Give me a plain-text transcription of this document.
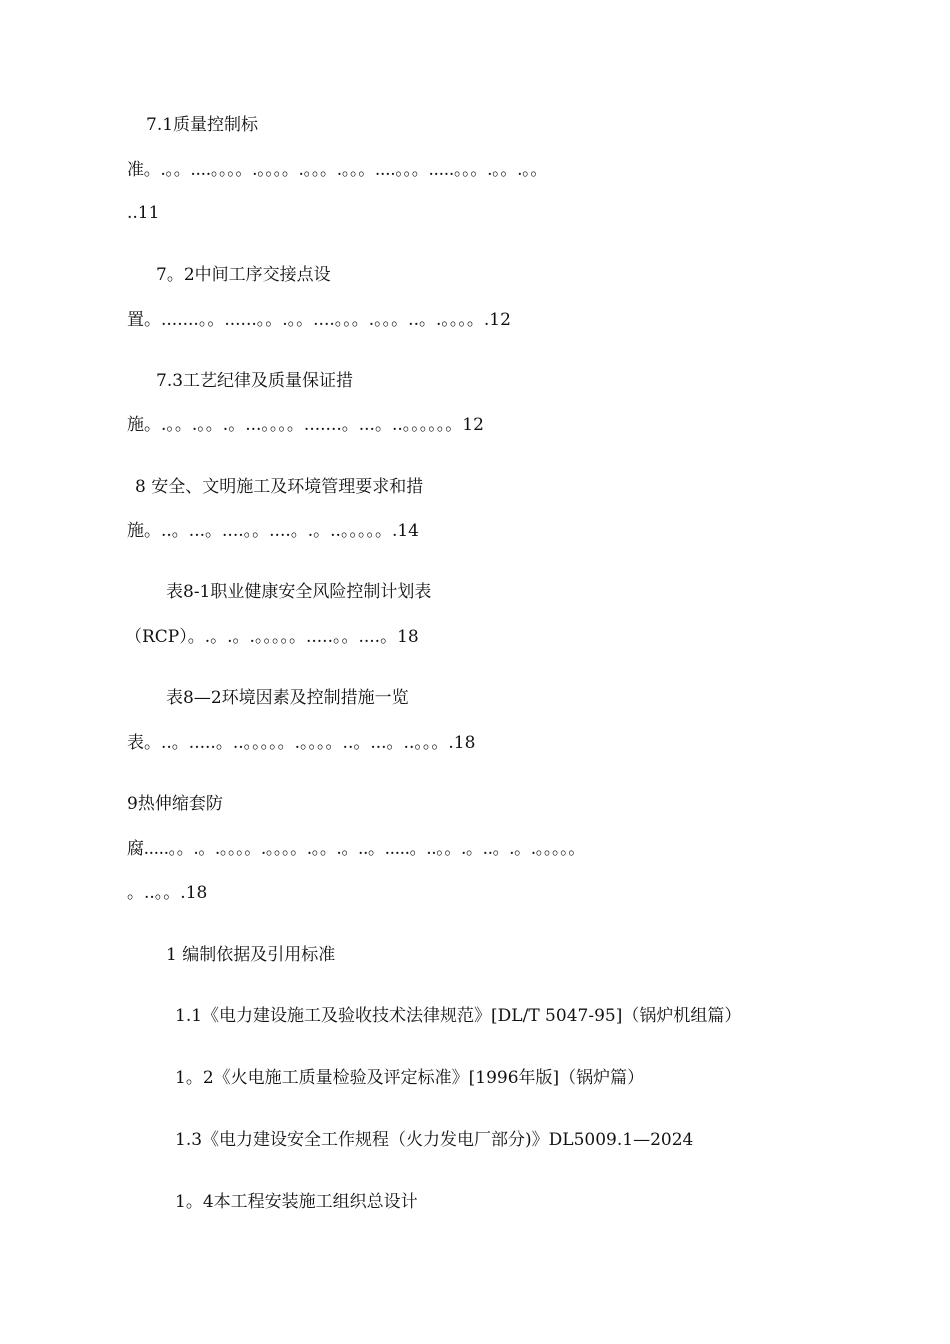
7.1质量控制标

准。.。。....。。。。.。。。。.。。。.。。。....。。。.....。。。.。。.。。

..11

7。2中间工序交接点设

置。.......。。......。。.。。....。。。.。。。..。.。。。。.12

7.3工艺纪律及质量保证措

施。.。。.。。.。...。。。。.......。...。..。。。。。。12

8 安全、文明施工及环境管理要求和措

施。..。...。....。。....。.。..。。。。。.14

表8-1职业健康安全风险控制计划表

（RCP）。.。.。.。。。。。.....。。....。18

表8—2环境因素及控制措施一览

表。..。.....。..。。。。。.。。。。..。...。..。。。.18

9热伸缩套防

腐.....。。.。.。。。。.。。。。.。。.。..。.....。..。。.。..。.。.。。。。。

。..。。.18

1 编制依据及引用标准

1.1《电力建设施工及验收技术法律规范》[DL/T 5047-95]（锅炉机组篇）

1。2《火电施工质量检验及评定标准》[1996年版]（锅炉篇）

1.3《电力建设安全工作规程（火力发电厂部分)》DL5009.1—2024

1。4本工程安装施工组织总设计
